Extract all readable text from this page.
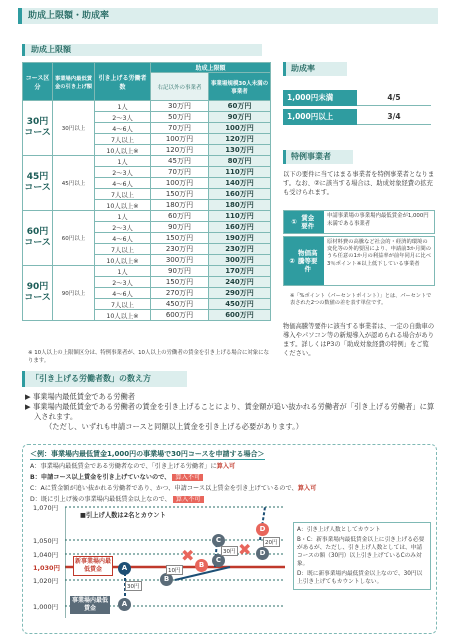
助成上限額・助成率
助成上限額
コース区分	事業場内最低賃金の引き上げ額	引き上げる労働者数	助成上限額	
			右記以外の事業者	事業場規模30人未満の事業者
30円コース	30円以上	1人	30万円	60万円
		2～3人	50万円	90万円
		4～6人	70万円	100万円
		7人以上	100万円	120万円
		10人以上※	120万円	130万円
45円コース	45円以上	1人	45万円	80万円
		2～3人	70万円	110万円
		4～6人	100万円	140万円
		7人以上	150万円	160万円
		10人以上※	180万円	180万円
60円コース	60円以上	1人	60万円	110万円
		2～3人	90万円	160万円
		4～6人	150万円	190万円
		7人以上	230万円	230万円
		10人以上※	300万円	300万円
90円コース	90円以上	1人	90万円	170万円
		2～3人	150万円	240万円
		4～6人	270万円	290万円
		7人以上	450万円	450万円
		10人以上※	600万円	600万円
※ 10人以上の上限額区分は、特例事業者が、10人以上の労働者の賃金を引き上げる場合に対象になります。
助成率
1,000円未満	4/5
1,000円以上	3/4
特例事業者
以下の要件に当てはまる事業者を特例事業者となります。なお、②に該当する場合は、助成対象経費の拡充も受けられます。
① 賃金要件
申請事業場の事業場内最低賃金が1,000円未満である事業者
②
物価高騰等要件
原材料費の高騰など社会的・経済的環境の変化等の外的要因により、申請前3か月間のうち任意の1か月の利益率が前年同月に比べ3％ポイント※以上低下している事業者
※「%ポイント（パーセントポイント）」とは、パーセントで表された2つの数値の差を表す単位です。
物価高騰等要件に該当する事業者は、一定の自動車の導入やパソコン等の新規導入が認められる場合があります。詳しくはP3の「助成対象経費の特例」をご覧ください。
「引き上げる労働者数」の数え方
▶ 事業場内最低賃金である労働者
▶ 事業場内最低賃金である労働者の賃金を引き上げることにより、賃金額が追い抜かれる労働者が「引き上げる労働者」に算入されます。
（ただし、いずれも申請コースと同額以上賃金を引き上げる必要があります。）
＜例：事業場内最低賃金1,000円の事業場で30円コースを申請する場合＞
A：事業場内最低賃金である労働者なので、「引き上げる労働者」に算入可
B：申請コース以上賃金を引き上げていないので、 算入不可
C：Aに賃金額が追い抜かれる労働者であり、かつ、申請コース以上賃金を引き上げているので、算入可
D：既に引上げ後の事業場内最低賃金以上なので、 算入不可
1,070円
1,050円
1,040円
1,030円
1,020円
1,000円
■引上げ人数は2名とカウント
A
A
B
B
C
C
D
D
✖	✖
30円
10円
30円
20円
新事業場内最低賃金
事業場内最低賃金
A：引き上げ人数としてカウント
B・C：新事業場内最低賃金以上に引き上げる必要があるが、ただし、引き上げ人数としては、申請コースの額（30円）以上引き上げているCのみ対象。
D：既に新事業場内最低賃金以上なので、30円以上引き上げてもカウントしない。
